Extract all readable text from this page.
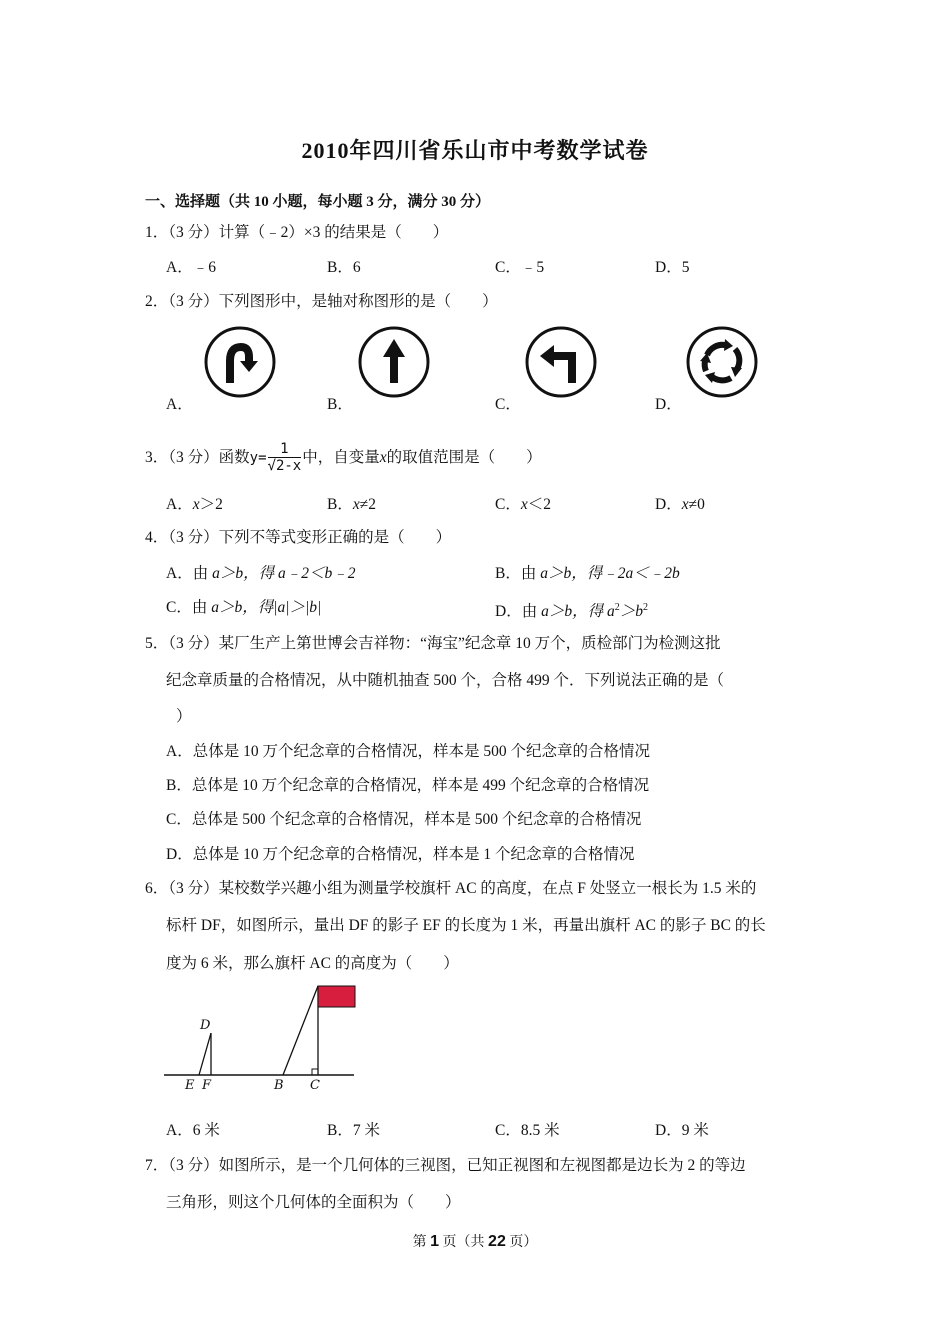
2010年四川省乐山市中考数学试卷
一、选择题（共 10 小题，每小题 3 分，满分 30 分）
1．（3 分）计算（﹣2）×3 的结果是（　　）
A．﹣6	B．6	C．﹣5	D．5
2．（3 分）下列图形中，是轴对称图形的是（　　）
A．	B．	C．	D．
3．（3 分）函数$y= \frac{1}{√2-x}$ 中，自变量x的取值范围是（　　）
A．x＞2	B．x≠2	C．x＜2	D．x≠0
4．（3 分）下列不等式变形正确的是（　　）
A．由 a＞b，得 a﹣2＜b﹣2	B．由 a＞b，得﹣2a＜﹣2b
C．由 a＞b，得|a|＞|b|	D．由 a＞b，得 $a^2>b^2$
5．（3 分）某厂生产上第世博会吉祥物：“海宝”纪念章 10 万个，质检部门为检测这批
纪念章质量的合格情况，从中随机抽查 500 个，合格 499 个．下列说法正确的是（
）
A．总体是 10 万个纪念章的合格情况，样本是 500 个纪念章的合格情况
B．总体是 10 万个纪念章的合格情况，样本是 499 个纪念章的合格情况
C．总体是 500 个纪念章的合格情况，样本是 500 个纪念章的合格情况
D．总体是 10 万个纪念章的合格情况，样本是 1 个纪念章的合格情况
6．（3 分）某校数学兴趣小组为测量学校旗杆 AC 的高度，在点 F 处竖立一根长为 1.5 米的
标杆 DF，如图所示，量出 DF 的影子 EF 的长度为 1 米，再量出旗杆 AC 的影子 BC 的长
度为 6 米，那么旗杆 AC 的高度为（　　）
D
E F	B C
A．6 米	B．7 米	C．8.5 米	D．9 米
7．（3 分）如图所示，是一个几何体的三视图，已知正视图和左视图都是边长为 2 的等边
三角形，则这个几何体的全面积为（　　）
第 1 页（共 22 页）
